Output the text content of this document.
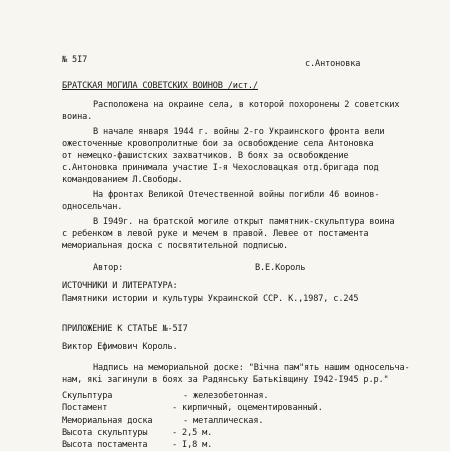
№ 5I7	с.Антоновка
БРАТСКАЯ МОГИЛА СОВЕТСКИХ ВОИНОВ /ист./
Расположена на окраине села, в которой похоронены 2 советских
воина.
В начале января 1944 г. войны 2-го Украинского фронта вели
ожесточенные кровопролитные бои за освобождение села Антоновка
от немецко-фашистских захватчиков. В боях за освобождение
с.Антоновка принимала участие I-я Чехословацкая отд.бригада под
командованием Л.Свободы.
На фронтах Великой Отечественной войны погибли 46 воинов-
односельчан.
В I949г. на братской могиле открыт памятник-скульптура воина
с ребенком в левой руке и мечем в правой. Левее от постамента
мемориальная доска с посвятительной подписью.
Автор:	В.Е.Король
ИСТОЧНИКИ И ЛИТЕРАТУРА:
Памятники истории и культуры Украинской ССР. К.,1987, с.245
ПРИЛОЖЕНИЕ К СТАТЬЕ №-5I7
Виктор Ефимович Король.
Надпись на мемориальной доске: "Вiчна пам"ять нашим односельча-
нам, якi загинули в боях за Радянську Батькiвщину I942-I945 р.р."
Скульптура	- железобетонная.
Постамент	- кирпичный, оцементированный.
Мемориальная доска	- металлическая.
Высота скульптуры	- 2,5 м.
Высота постамента	- I,8 м.
